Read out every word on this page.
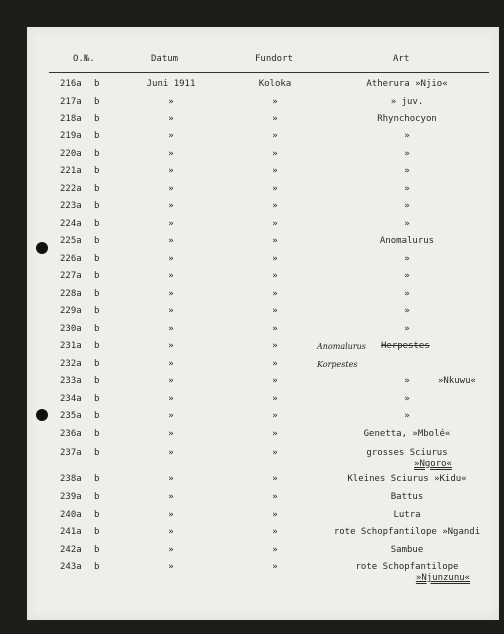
O.№.	Datum	Fundort	Art
216a b	Juni 1911	Koloka	Atherura »Njio«
217a b	»	»	» juv.
218a b	»	»	Rhynchocyon
219a b	»	»	»
220a b	»	»	»
221a b	»	»	»
222a b	»	»	»
223a b	»	»	»
224a b	»	»	»
225a b	»	»	Anomalurus
226a b	»	»	»
227a b	»	»	»
228a b	»	»	»
229a b	»	»	»
230a b	»	»	»
231a b	»	»	Anomalurus	Herpestes
232a b	»	»	Korpestes
233a b	»	»	»	»Nkuwu«
234a b	»	»	»
235a b	»	»	»
236a b	»	»	Genetta, »Mbolé«
237a b	»	»	grosses Sciurus
»Ngoro«
238a b	»	»	Kleines Sciurus »Kidu«
239a b	»	»	Battus
240a b	»	»	Lutra
241a b	»	»	rote Schopfantilope »Ngandi
242a b	»	»	Sambue
243a b	»	»	rote Schopfantilope
»Njunzunu«
